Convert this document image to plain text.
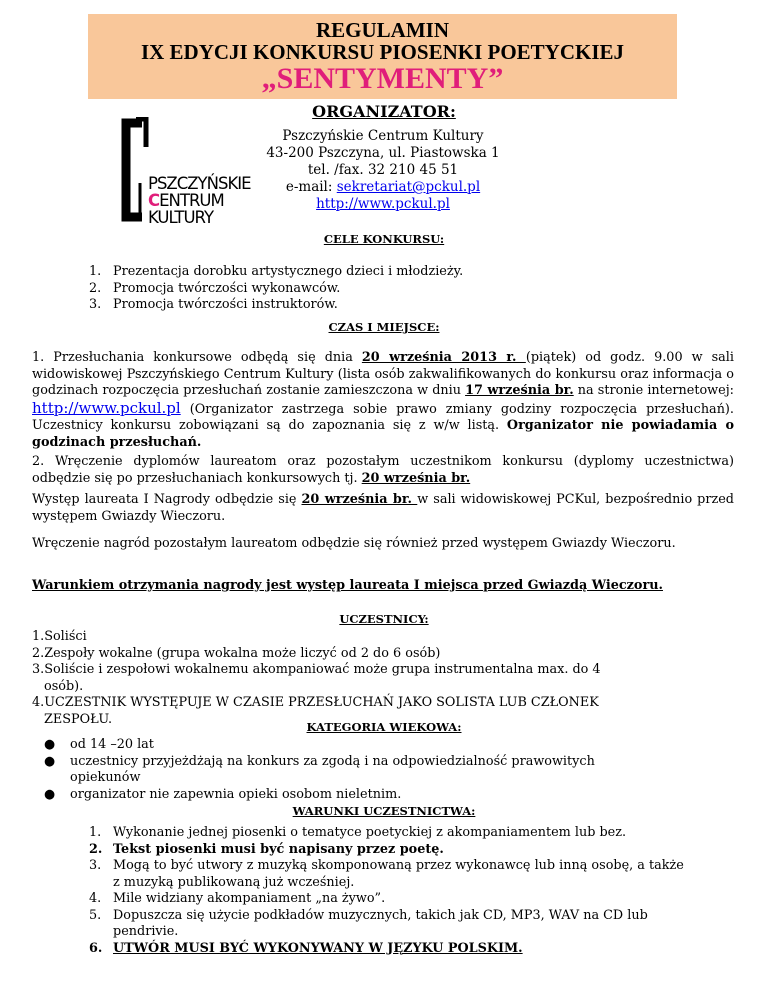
REGULAMIN
IX EDYCJI KONKURSU PIOSENKI POETYCKIEJ
„SENTYMENTY”
ORGANIZATOR:
PSZCZYŃSKIE
CENTRUM
KULTURY
Pszczyńskie Centrum Kultury
43-200 Pszczyna, ul. Piastowska 1
tel. /fax. 32 210 45 51
e-mail: sekretariat@pckul.pl
http://www.pckul.pl
CELE KONKURSU:
1. Prezentacja dorobku artystycznego dzieci i młodzieży.
2. Promocja twórczości wykonawców.
3. Promocja twórczości instruktorów.
CZAS I MIEJSCE:
1. Przesłuchania konkursowe odbędą się dnia 20 września 2013 r. (piątek) od godz. 9.00 w sali widowiskowej Pszczyńskiego Centrum Kultury (lista osób zakwalifikowanych do konkursu oraz informacja o godzinach rozpoczęcia przesłuchań zostanie zamieszczona w dniu 17 września br. na stronie internetowej: http://www.pckul.pl (Organizator zastrzega sobie prawo zmiany godziny rozpoczęcia przesłuchań). Uczestnicy konkursu zobowiązani są do zapoznania się z w/w listą. Organizator nie powiadamia o godzinach przesłuchań.
2. Wręczenie dyplomów laureatom oraz pozostałym uczestnikom konkursu (dyplomy uczestnictwa) odbędzie się po przesłuchaniach konkursowych tj. 20 września br.
Występ laureata I Nagrody odbędzie się 20 września br. w sali widowiskowej PCKul, bezpośrednio przed występem Gwiazdy Wieczoru.
Wręczenie nagród pozostałym laureatom odbędzie się również przed występem Gwiazdy Wieczoru.
Warunkiem otrzymania nagrody jest występ laureata I miejsca przed Gwiazdą Wieczoru.
UCZESTNICY:
1.Soliści
2.Zespoły wokalne (grupa wokalna może liczyć od 2 do 6 osób)
3.Soliście i zespołowi wokalnemu akompaniować może grupa instrumentalna max. do 4
osób).
4.UCZESTNIK WYSTĘPUJE W CZASIE PRZESŁUCHAŃ JAKO SOLISTA LUB CZŁONEK
ZESPOŁU.
KATEGORIA WIEKOWA:
● od 14 –20 lat
● uczestnicy przyjeżdżają na konkurs za zgodą i na odpowiedzialność prawowitych
opiekunów
● organizator nie zapewnia opieki osobom nieletnim.
WARUNKI UCZESTNICTWA:
1. Wykonanie jednej piosenki o tematyce poetyckiej z akompaniamentem lub bez.
2. Tekst piosenki musi być napisany przez poetę.
3. Mogą to być utwory z muzyką skomponowaną przez wykonawcę lub inną osobę, a także
z muzyką publikowaną już wcześniej.
4. Mile widziany akompaniament „na żywo”.
5. Dopuszcza się użycie podkładów muzycznych, takich jak CD, MP3, WAV na CD lub
pendrivie.
6. UTWÓR MUSI BYĆ WYKONYWANY W JĘZYKU POLSKIM.
